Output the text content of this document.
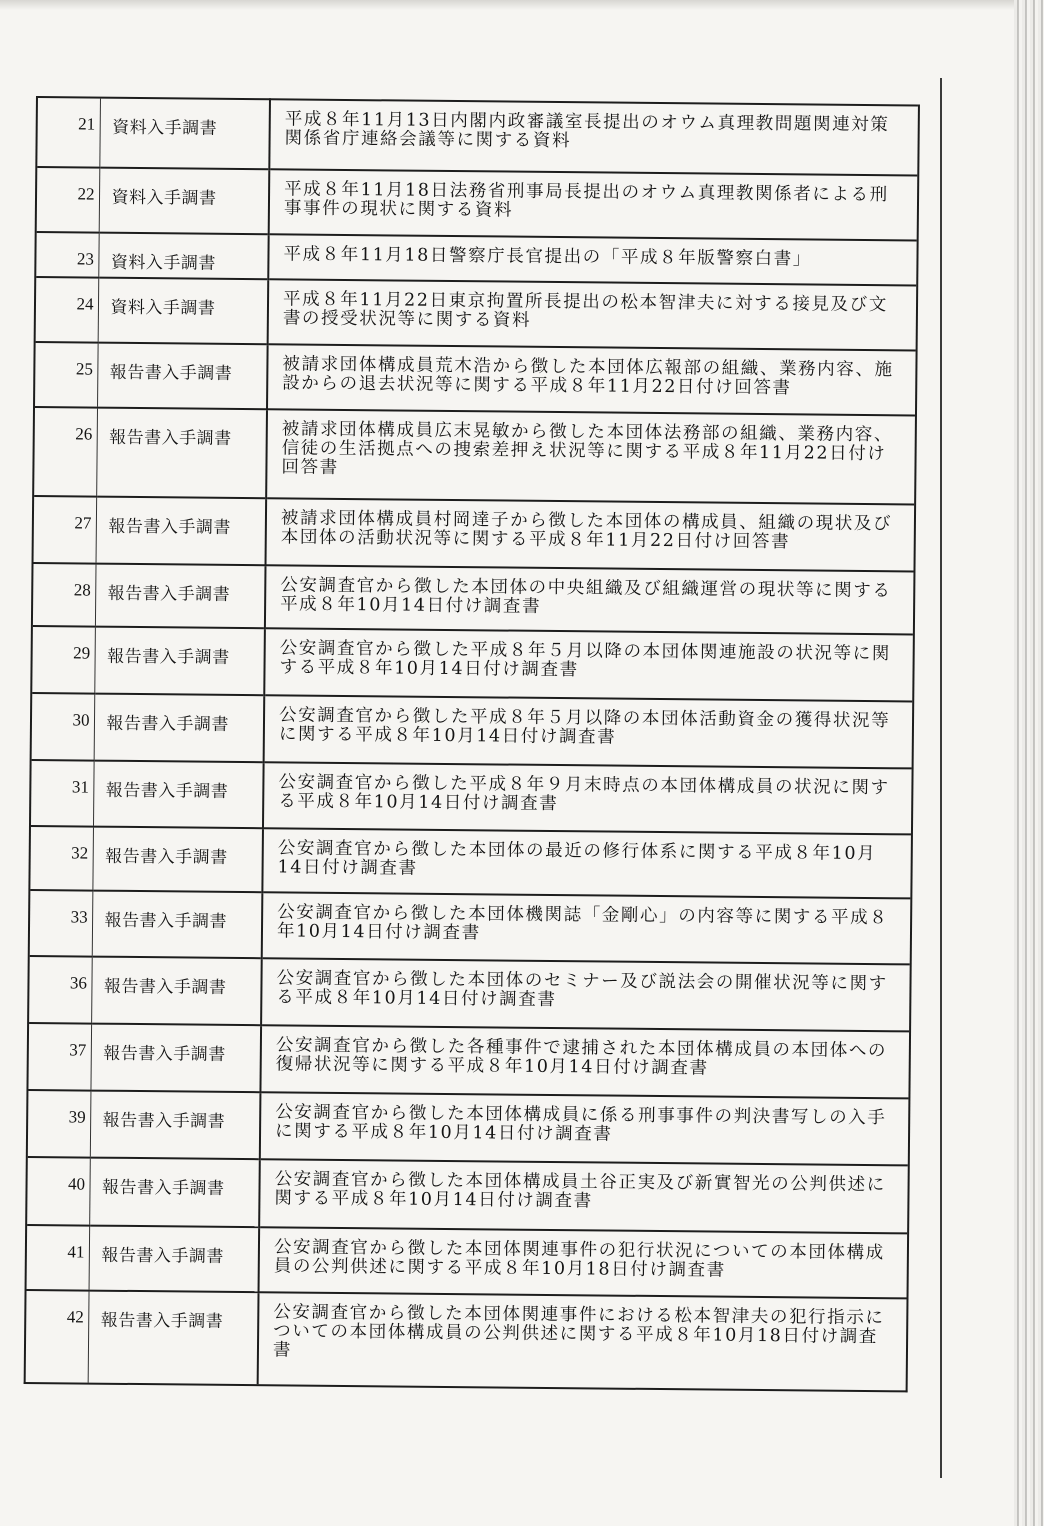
21	資料入手調書	平成８年11月13日内閣内政審議室長提出のオウム真理教問題関連対策関係省庁連絡会議等に関する資料

22	資料入手調書	平成８年11月18日法務省刑事局長提出のオウム真理教関係者による刑事事件の現状に関する資料

23	資料入手調書	平成８年11月18日警察庁長官提出の「平成８年版警察白書」

24	資料入手調書	平成８年11月22日東京拘置所長提出の松本智津夫に対する接見及び文書の授受状況等に関する資料

25	報告書入手調書	被請求団体構成員荒木浩から徴した本団体広報部の組織、業務内容、施設からの退去状況等に関する平成８年11月22日付け回答書

26	報告書入手調書	被請求団体構成員広末晃敏から徴した本団体法務部の組織、業務内容、信徒の生活拠点への捜索差押え状況等に関する平成８年11月22日付け回答書

27	報告書入手調書	被請求団体構成員村岡達子から徴した本団体の構成員、組織の現状及び本団体の活動状況等に関する平成８年11月22日付け回答書

28	報告書入手調書	公安調査官から徴した本団体の中央組織及び組織運営の現状等に関する平成８年10月14日付け調査書

29	報告書入手調書	公安調査官から徴した平成８年５月以降の本団体関連施設の状況等に関する平成８年10月14日付け調査書

30	報告書入手調書	公安調査官から徴した平成８年５月以降の本団体活動資金の獲得状況等に関する平成８年10月14日付け調査書

31	報告書入手調書	公安調査官から徴した平成８年９月末時点の本団体構成員の状況に関する平成８年10月14日付け調査書

32	報告書入手調書	公安調査官から徴した本団体の最近の修行体系に関する平成８年10月14日付け調査書

33	報告書入手調書	公安調査官から徴した本団体機関誌「金剛心」の内容等に関する平成８年10月14日付け調査書

36	報告書入手調書	公安調査官から徴した本団体のセミナー及び説法会の開催状況等に関する平成８年10月14日付け調査書

37	報告書入手調書	公安調査官から徴した各種事件で逮捕された本団体構成員の本団体への復帰状況等に関する平成８年10月14日付け調査書

39	報告書入手調書	公安調査官から徴した本団体構成員に係る刑事事件の判決書写しの入手に関する平成８年10月14日付け調査書

40	報告書入手調書	公安調査官から徴した本団体構成員土谷正実及び新實智光の公判供述に関する平成８年10月14日付け調査書

41	報告書入手調書	公安調査官から徴した本団体関連事件の犯行状況についての本団体構成員の公判供述に関する平成８年10月18日付け調査書

42	報告書入手調書	公安調査官から徴した本団体関連事件における松本智津夫の犯行指示についての本団体構成員の公判供述に関する平成８年10月18日付け調査書
